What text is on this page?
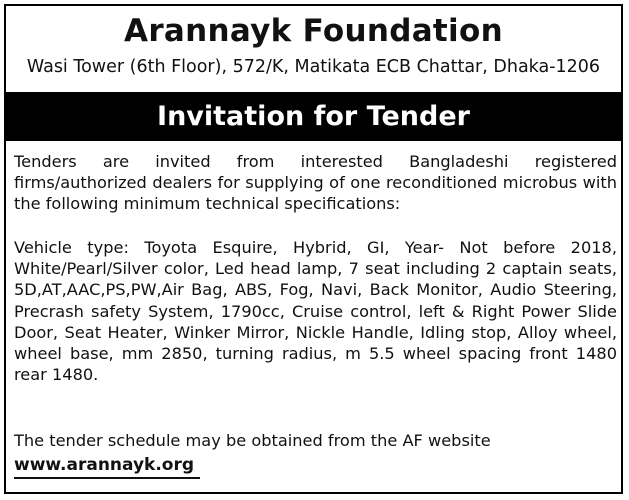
Arannayk Foundation
Wasi Tower (6th Floor), 572/K, Matikata ECB Chattar, Dhaka-1206
Invitation for Tender
Tenders are invited from interested Bangladeshi registered firms/authorized dealers for supplying of one reconditioned microbus with the following minimum technical specifications:
Vehicle type: Toyota Esquire, Hybrid, GI, Year- Not before 2018, White/Pearl/Silver color, Led head lamp, 7 seat including 2 captain seats, 5D,AT,AAC,PS,PW,Air Bag, ABS, Fog, Navi, Back Monitor, Audio Steering, Precrash safety System, 1790cc, Cruise control, left & Right Power Slide Door, Seat Heater, Winker Mirror, Nickle Handle, Idling stop, Alloy wheel, wheel base, mm 2850, turning radius, m 5.5 wheel spacing front 1480 rear 1480.
The tender schedule may be obtained from the AF website
www.arannayk.org
